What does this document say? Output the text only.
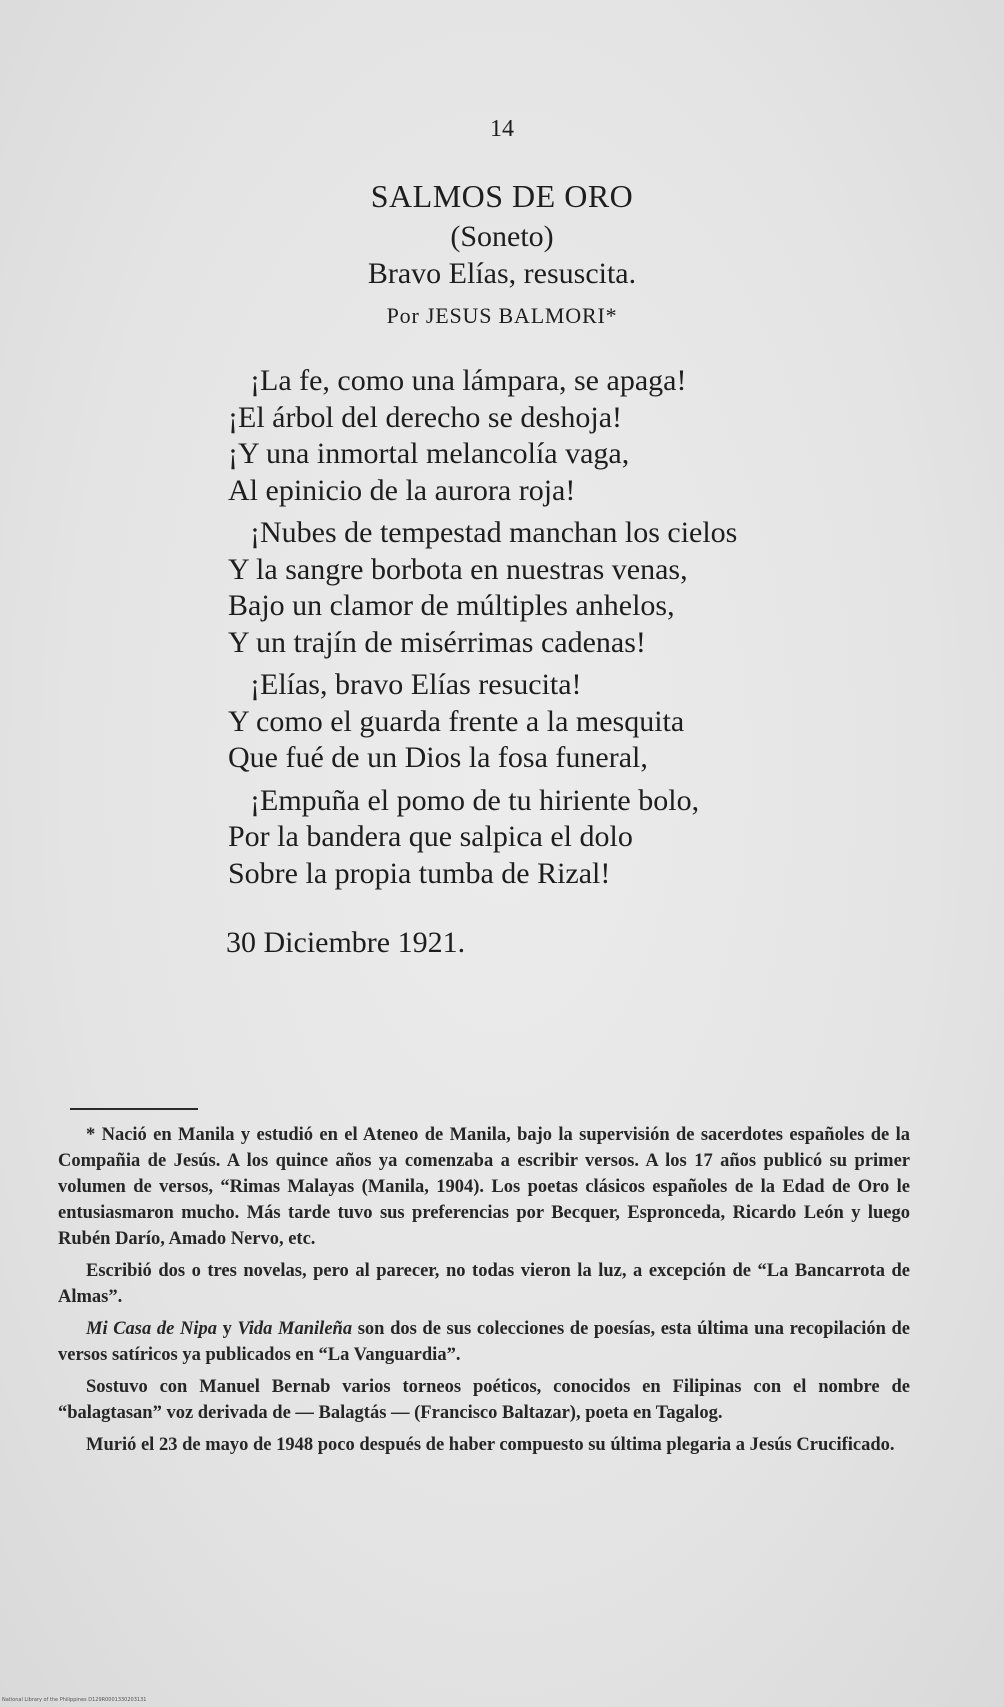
14
SALMOS DE ORO
(Soneto)
Bravo Elías, resuscita.
Por JESUS BALMORI*
¡La fe, como una lámpara, se apaga!
¡El árbol del derecho se deshoja!
¡Y una inmortal melancolía vaga,
Al epinicio de la aurora roja!
¡Nubes de tempestad manchan los cielos
Y la sangre borbota en nuestras venas,
Bajo un clamor de múltiples anhelos,
Y un trajín de misérrimas cadenas!
¡Elías, bravo Elías resucita!
Y como el guarda frente a la mesquita
Que fué de un Dios la fosa funeral,
¡Empuña el pomo de tu hiriente bolo,
Por la bandera que salpica el dolo
Sobre la propia tumba de Rizal!
30 Diciembre 1921.

* Nació en Manila y estudió en el Ateneo de Manila, bajo la supervisión de sacerdotes españoles de la Compañia de Jesús. A los quince años ya comenzaba a escribir versos. A los 17 años publicó su primer volumen de versos, “Rimas Malayas (Manila, 1904). Los poetas clásicos españoles de la Edad de Oro le entusiasmaron mucho. Más tarde tuvo sus preferencias por Becquer, Espronceda, Ricardo León y luego Rubén Darío, Amado Nervo, etc.

Escribió dos o tres novelas, pero al parecer, no todas vieron la luz, a excepción de “La Bancarrota de Almas”.

Mi Casa de Nipa y Vida Manileña son dos de sus colecciones de poesías, esta última una recopilación de versos satíricos ya publicados en “La Vanguardia”.

Sostuvo con Manuel Bernab varios torneos poéticos, conocidos en Filipinas con el nombre de “balagtasan” voz derivada de — Balagtás — (Francisco Baltazar), poeta en Tagalog.

Murió el 23 de mayo de 1948 poco después de haber compuesto su última plegaria a Jesús Crucificado.

National Library of the Philippines D129R0001330203131
